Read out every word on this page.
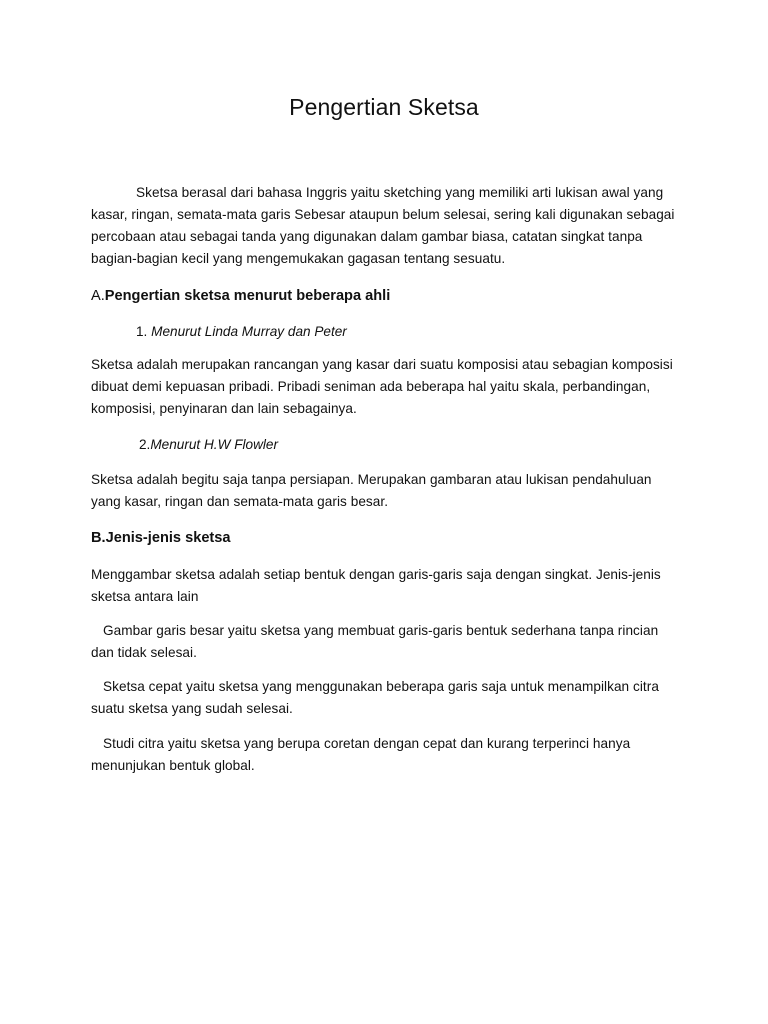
Pengertian Sketsa

Sketsa berasal dari bahasa Inggris yaitu sketching yang memiliki arti lukisan awal yang kasar, ringan, semata-mata garis Sebesar ataupun belum selesai, sering kali digunakan sebagai percobaan atau sebagai tanda yang digunakan dalam gambar biasa, catatan singkat tanpa bagian-bagian kecil yang mengemukakan gagasan tentang sesuatu.

A.Pengertian sketsa menurut beberapa ahli

1. Menurut Linda Murray dan Peter

Sketsa adalah merupakan rancangan yang kasar dari suatu komposisi atau sebagian komposisi dibuat demi kepuasan pribadi. Pribadi seniman ada beberapa hal yaitu skala, perbandingan, komposisi, penyinaran dan lain sebagainya.

2.Menurut H.W Flowler

Sketsa adalah begitu saja tanpa persiapan. Merupakan gambaran atau lukisan pendahuluan yang kasar, ringan dan semata-mata garis besar.

B.Jenis-jenis sketsa

Menggambar sketsa adalah setiap bentuk dengan garis-garis saja dengan singkat. Jenis-jenis sketsa antara lain

Gambar garis besar yaitu sketsa yang membuat garis-garis bentuk sederhana tanpa rincian dan tidak selesai.

Sketsa cepat yaitu sketsa yang menggunakan beberapa garis saja untuk menampilkan citra suatu sketsa yang sudah selesai.

Studi citra yaitu sketsa yang berupa coretan dengan cepat dan kurang terperinci hanya menunjukan bentuk global.
